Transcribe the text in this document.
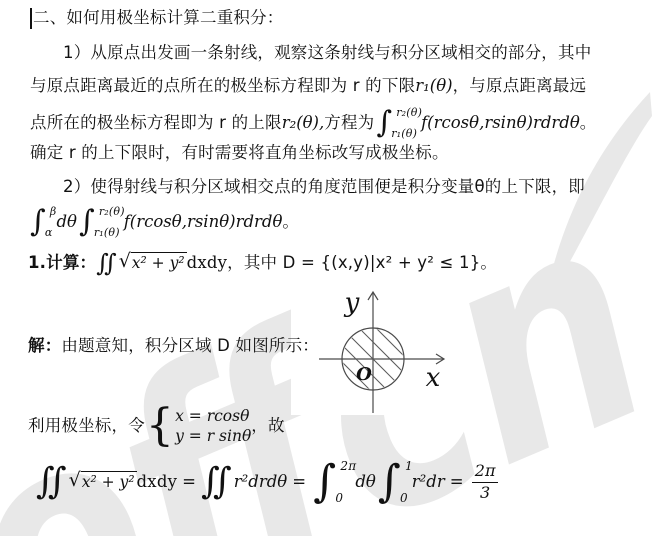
y
x
O
二、如何用极坐标计算二重积分：
1）从原点出发画一条射线，观察这条射线与积分区域相交的部分，其中
与原点距离最近的点所在的极坐标方程即为 r 的下限 r₁(θ) ，与原点距离最远
点所在的极坐标方程即为 r 的上限 r₂(θ), 方程为 ∫ r₂(θ)
r₁(θ)
f(rcosθ,rsinθ)rdrdθ 。
确定 r 的上下限时，有时需要将直角坐标改写成极坐标。
2）使得射线与积分区域相交点的角度范围便是积分变量θ的上下限，即
∫ β
α
dθ ∫ r₂(θ)
r₁(θ)
f(rcosθ,rsinθ)rdrdθ 。
1.计算： ∬ √ x² + y² dxdy ，其中 D = {(x,y)|x² + y² ≤ 1}。
解： 由题意知，积分区域 D 如图所示：
利用极坐标，令 { x = rcosθ
y = r sinθ
，故
∬ √ x² + y² dxdy = ∬ r²drdθ = ∫ 2π
0
dθ ∫ 1
0
$r^2dr = \frac{2\pi}{3}$
